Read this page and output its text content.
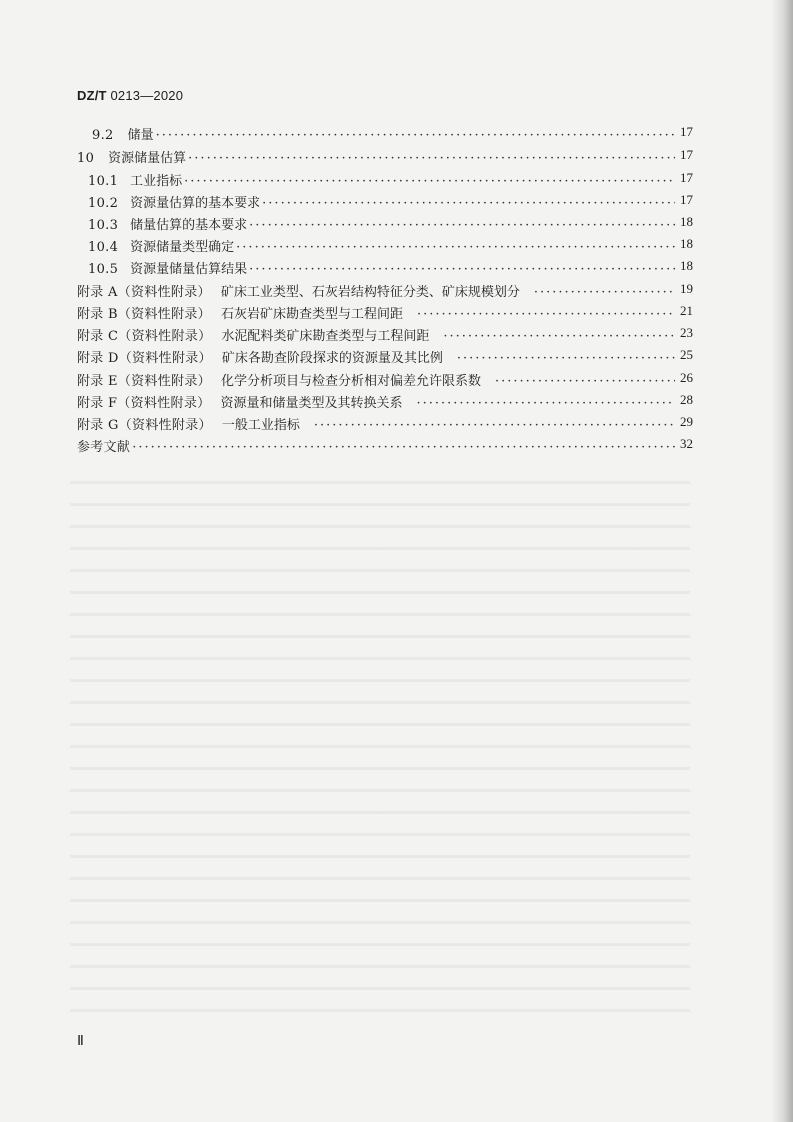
DZ/T 0213—2020
9.2 储量 ·····	17
10 资源储量估算 ·····	17
10.1 工业指标 ·····	17
10.2 资源量估算的基本要求 ·····	17
10.3 储量估算的基本要求 ·····	18
10.4 资源储量类型确定 ·····	18
10.5 资源量储量估算结果 ·····	18
附录 A（资料性附录） 矿床工业类型、石灰岩结构特征分类、矿床规模划分 ·····	19
附录 B（资料性附录） 石灰岩矿床勘查类型与工程间距 ·····	21
附录 C（资料性附录） 水泥配料类矿床勘查类型与工程间距 ·····	23
附录 D（资料性附录） 矿床各勘查阶段探求的资源量及其比例 ·····	25
附录 E（资料性附录） 化学分析项目与检查分析相对偏差允许限系数 ·····	26
附录 F（资料性附录） 资源量和储量类型及其转换关系 ·····	28
附录 G（资料性附录） 一般工业指标 ·····	29
参考文献 ·····	32
Ⅱ
